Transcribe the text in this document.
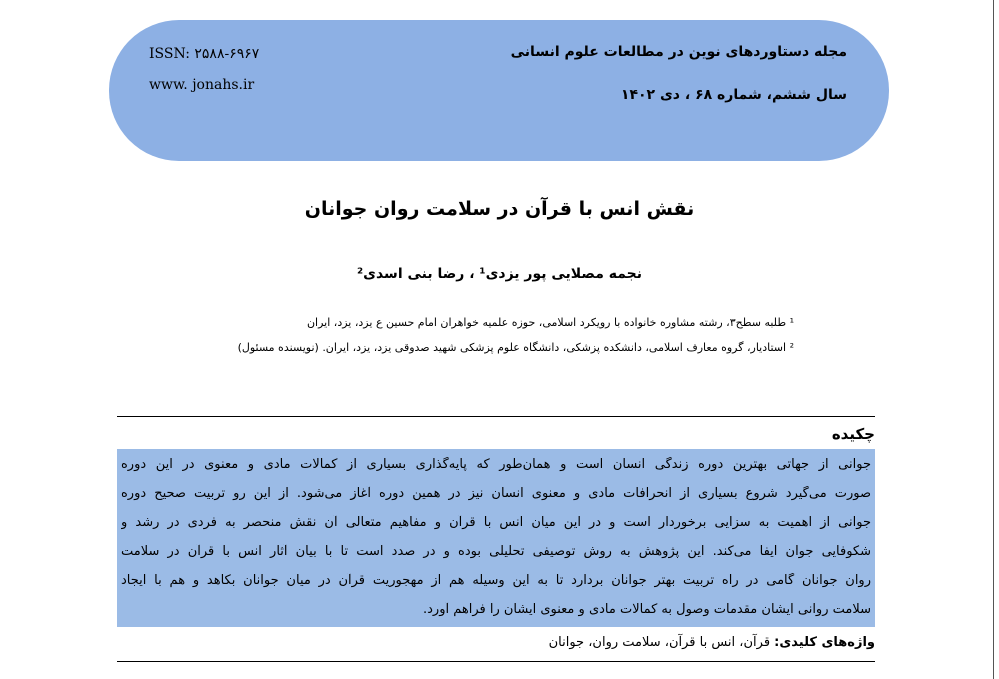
ISSN: ۲۵۸۸-۶۹۶۷
www. jonahs.ir
مجله دستاوردهای نوین در مطالعات علوم انسانی
سال ششم، شماره ۶۸ ، دی ۱۴۰۲
نقش انس با قرآن در سلامت روان جوانان
نجمه مصلایی پور یزدی¹ ، رضا بنی اسدی²
¹ طلبه سطح۳، رشته مشاوره خانواده با رویکرد اسلامی، حوزه علمیه خواهران امام حسین ع یزد، یزد، ایران
² استادیار، گروه معارف اسلامی، دانشکده پزشکی، دانشگاه علوم پزشکی شهید صدوقی یزد، یزد، ایران. (نویسنده مسئول)
چکیده
جوانی از جهاتی بهترین دوره زندگی انسان است و همان‌طور که پایه‌گذاری بسیاری از کمالات مادی و معنوی در این دوره
صورت می‌گیرد شروع بسیاری از انحرافات مادی و معنوی انسان نیز در همین دوره آغاز می‌شود. از این رو تربیت صحیح دوره
جوانی از اهمیت به سزایی برخوردار است و در این میان انس با قرآن و مفاهیم متعالی آن نقش منحصر به فردی در رشد و
شکوفایی جوان ایفا می‌کند. این پژوهش به روش توصیفی تحلیلی بوده و در صدد است تا با بیان آثار انس با قرآن در سلامت
روان جوانان گامی در راه تربیت بهتر جوانان بردارد تا به این وسیله هم از مهجوریت قرآن در میان جوانان بکاهد و هم با ایجاد
سلامت روانی ایشان مقدمات وصول به کمالات مادی و معنوی ایشان را فراهم آورد.
واژه‌های کلیدی: قرآن، انس با قرآن، سلامت روان، جوانان
